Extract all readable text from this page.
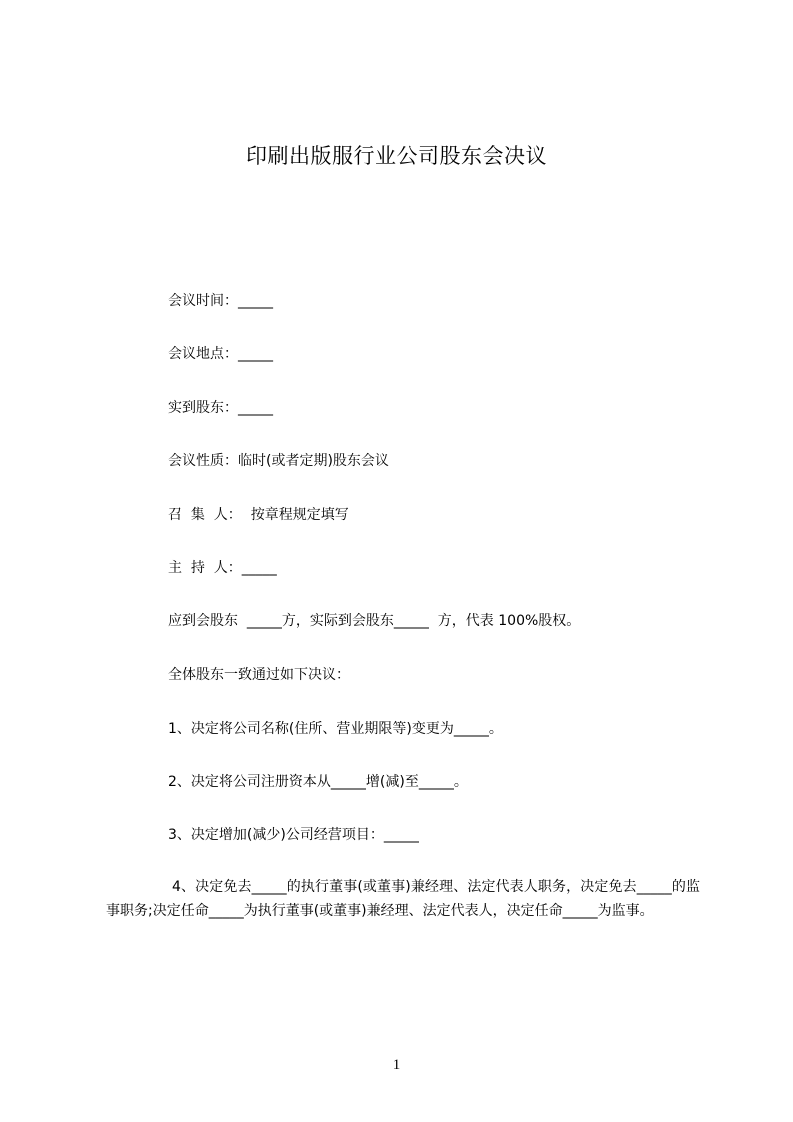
印刷出版服行业公司股东会决议
会议时间：_____
会议地点：_____
实到股东：_____
会议性质：临时(或者定期)股东会议
召  集  人：  按章程规定填写
主  持  人：_____
应到会股东  _____方，实际到会股东_____  方，代表 100%股权。
全体股东一致通过如下决议：
1、决定将公司名称(住所、营业期限等)变更为_____。
2、决定将公司注册资本从_____增(减)至_____。
3、决定增加(减少)公司经营项目：_____
4、决定免去_____的执行董事(或董事)兼经理、法定代表人职务，决定免去_____的监事职务;决定任命_____为执行董事(或董事)兼经理、法定代表人，决定任命_____为监事。
1
